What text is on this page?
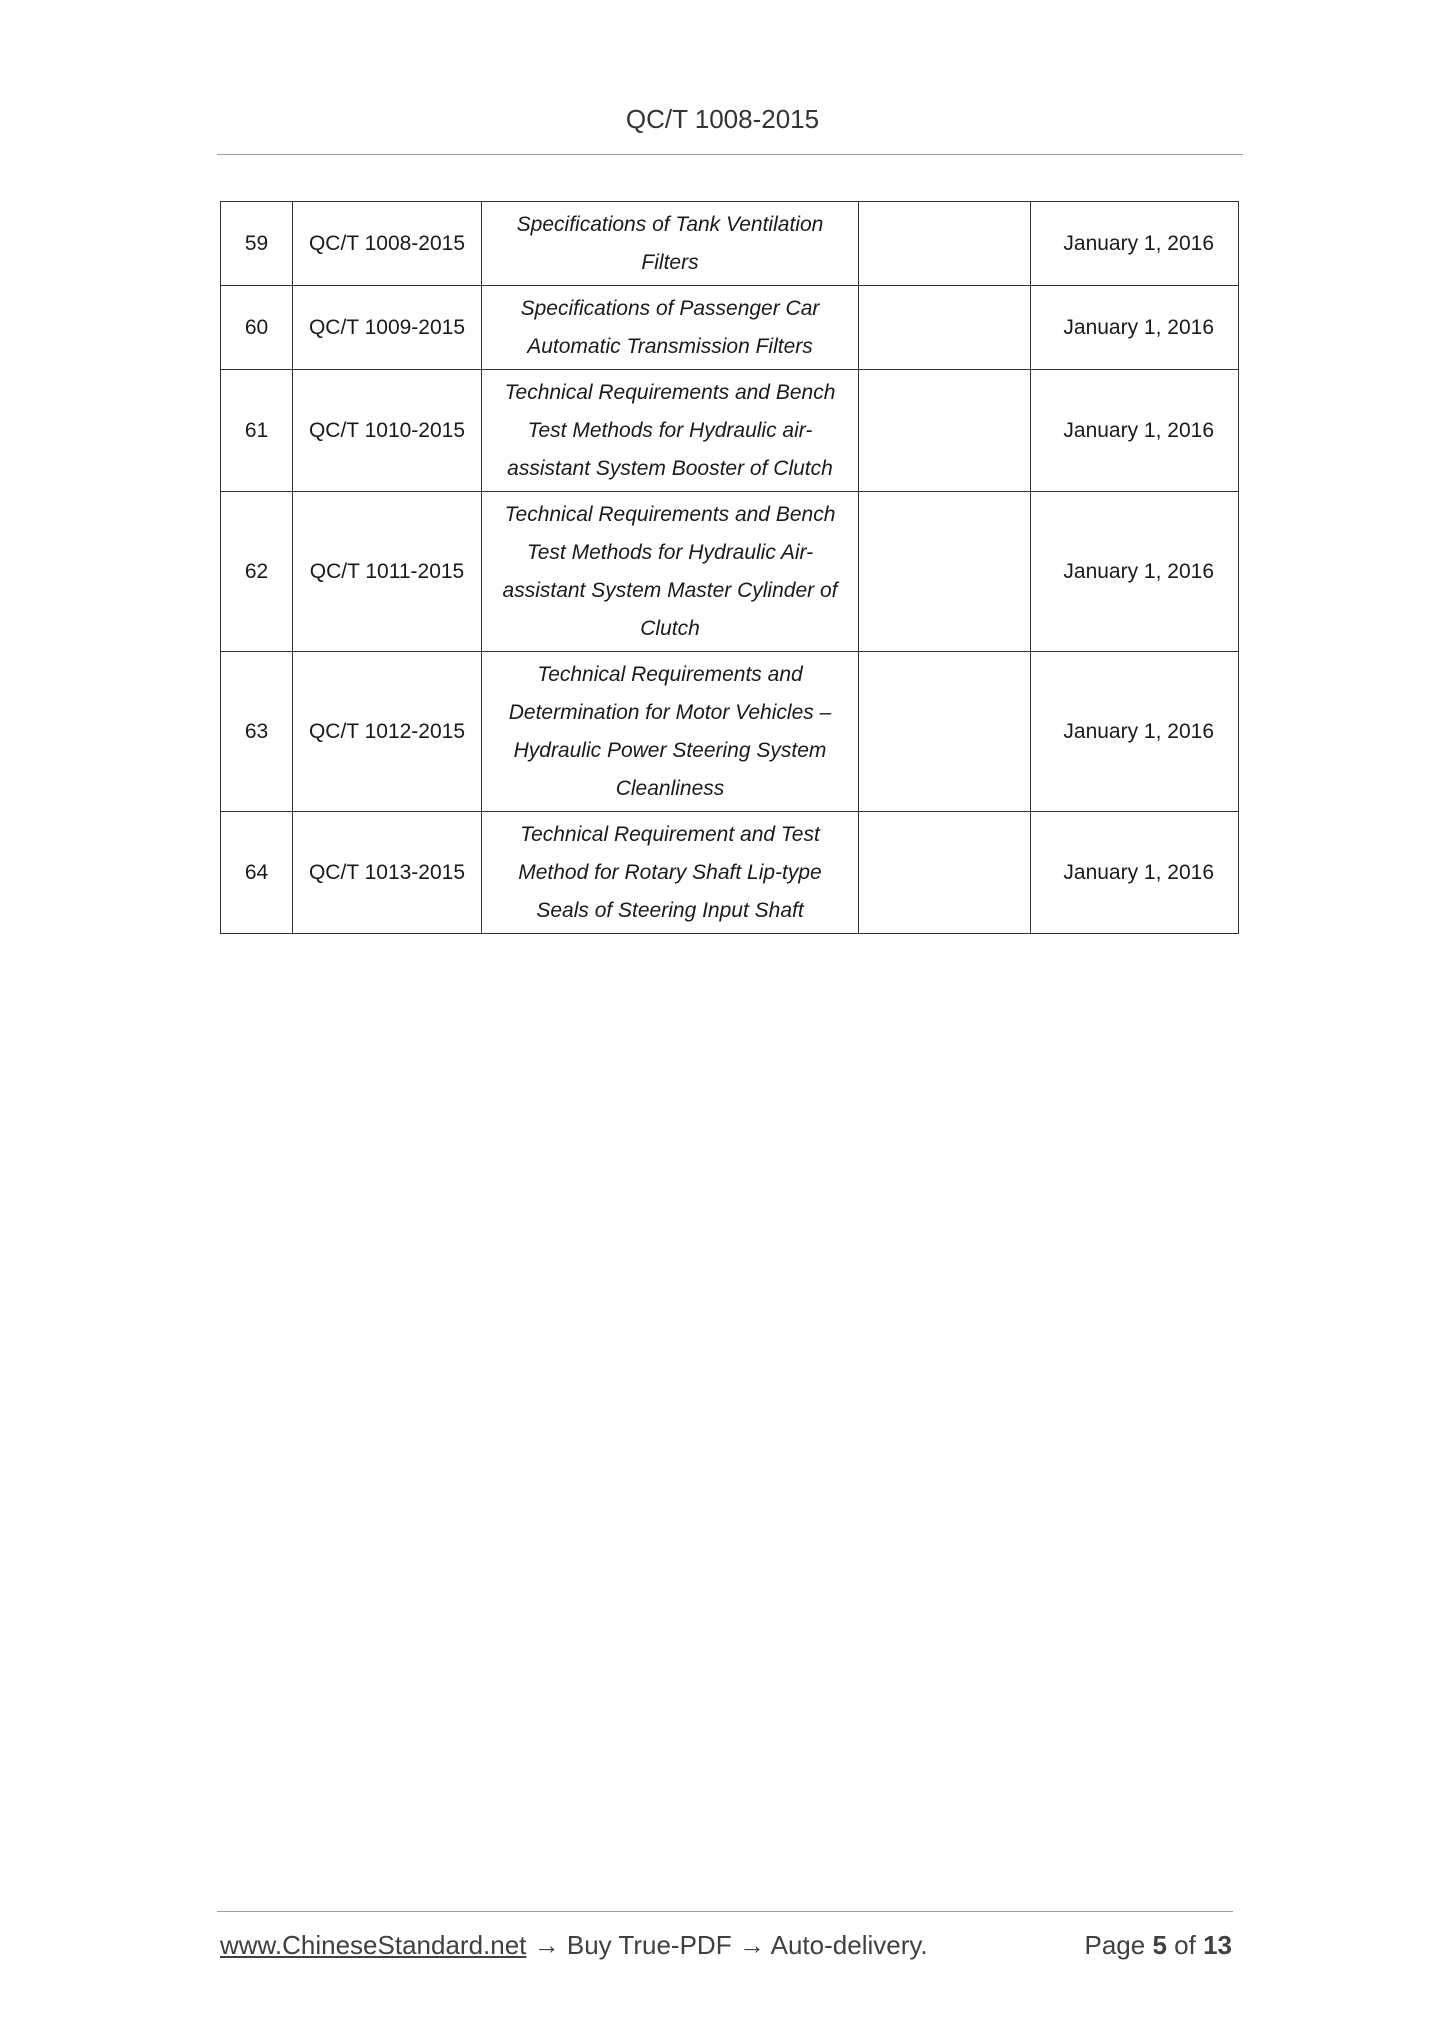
QC/T 1008-2015
59	QC/T 1008-2015	Specifications of Tank Ventilation Filters		January 1, 2016
60	QC/T 1009-2015	Specifications of Passenger Car Automatic Transmission Filters		January 1, 2016
61	QC/T 1010-2015	Technical Requirements and Bench Test Methods for Hydraulic air-assistant System Booster of Clutch		January 1, 2016
62	QC/T 1011-2015	Technical Requirements and Bench Test Methods for Hydraulic Air-assistant System Master Cylinder of Clutch		January 1, 2016
63	QC/T 1012-2015	Technical Requirements and Determination for Motor Vehicles – Hydraulic Power Steering System Cleanliness		January 1, 2016
64	QC/T 1013-2015	Technical Requirement and Test Method for Rotary Shaft Lip-type Seals of Steering Input Shaft		January 1, 2016
www.ChineseStandard.net → Buy True-PDF → Auto-delivery.	Page 5 of 13
